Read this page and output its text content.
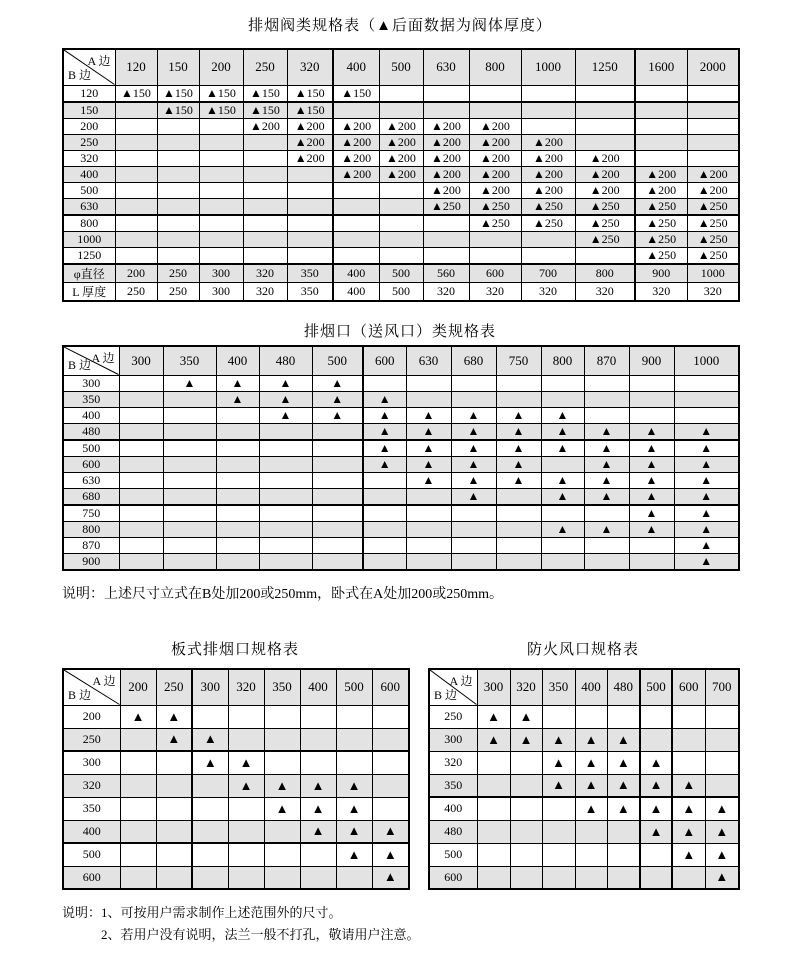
排烟阀类规格表（▲后面数据为阀体厚度）
A 边
B 边	120	150	200	250	320	400	500	630	800	1000	1250	1600	2000
120	▲150	▲150	▲150	▲150	▲150	▲150							
150		▲150	▲150	▲150	▲150								
200				▲200	▲200	▲200	▲200	▲200	▲200				
250					▲200	▲200	▲200	▲200	▲200	▲200			
320					▲200	▲200	▲200	▲200	▲200	▲200	▲200		
400						▲200	▲200	▲200	▲200	▲200	▲200	▲200	▲200
500								▲200	▲200	▲200	▲200	▲200	▲200
630								▲250	▲250	▲250	▲250	▲250	▲250
800									▲250	▲250	▲250	▲250	▲250
1000											▲250	▲250	▲250
1250												▲250	▲250
φ直径	200	250	300	320	350	400	500	560	600	700	800	900	1000
L 厚度	250	250	300	320	350	400	500	320	320	320	320	320	320
排烟口（送风口）类规格表
A 边
B 边	300	350	400	480	500	600	630	680	750	800	870	900	1000
300		▲	▲	▲	▲								
350			▲	▲	▲	▲							
400				▲	▲	▲	▲	▲	▲	▲			
480						▲	▲	▲	▲	▲	▲	▲	▲
500						▲	▲	▲	▲	▲	▲	▲	▲
600						▲	▲	▲	▲		▲	▲	▲
630							▲	▲	▲	▲	▲	▲	▲
680								▲		▲	▲	▲	▲
750												▲	▲
800										▲	▲	▲	▲
870													▲
900													▲
说明：上述尺寸立式在B处加200或250mm，卧式在A处加200或250mm。
板式排烟口规格表	防火风口规格表
A 边
B 边	200	250	300	320	350	400	500	600
200	▲	▲						
250		▲	▲					
300			▲	▲				
320				▲	▲	▲	▲	
350					▲	▲	▲	
400						▲	▲	▲
500							▲	▲
600								▲
A 边
B 边	300	320	350	400	480	500	600	700
250	▲	▲						
300	▲	▲	▲	▲	▲			
320			▲	▲	▲	▲		
350			▲	▲	▲	▲	▲	
400				▲	▲	▲	▲	▲
480						▲	▲	▲
500							▲	▲
600								▲
说明：1、可按用户需求制作上述范围外的尺寸。
2、若用户没有说明，法兰一般不打孔，敬请用户注意。
